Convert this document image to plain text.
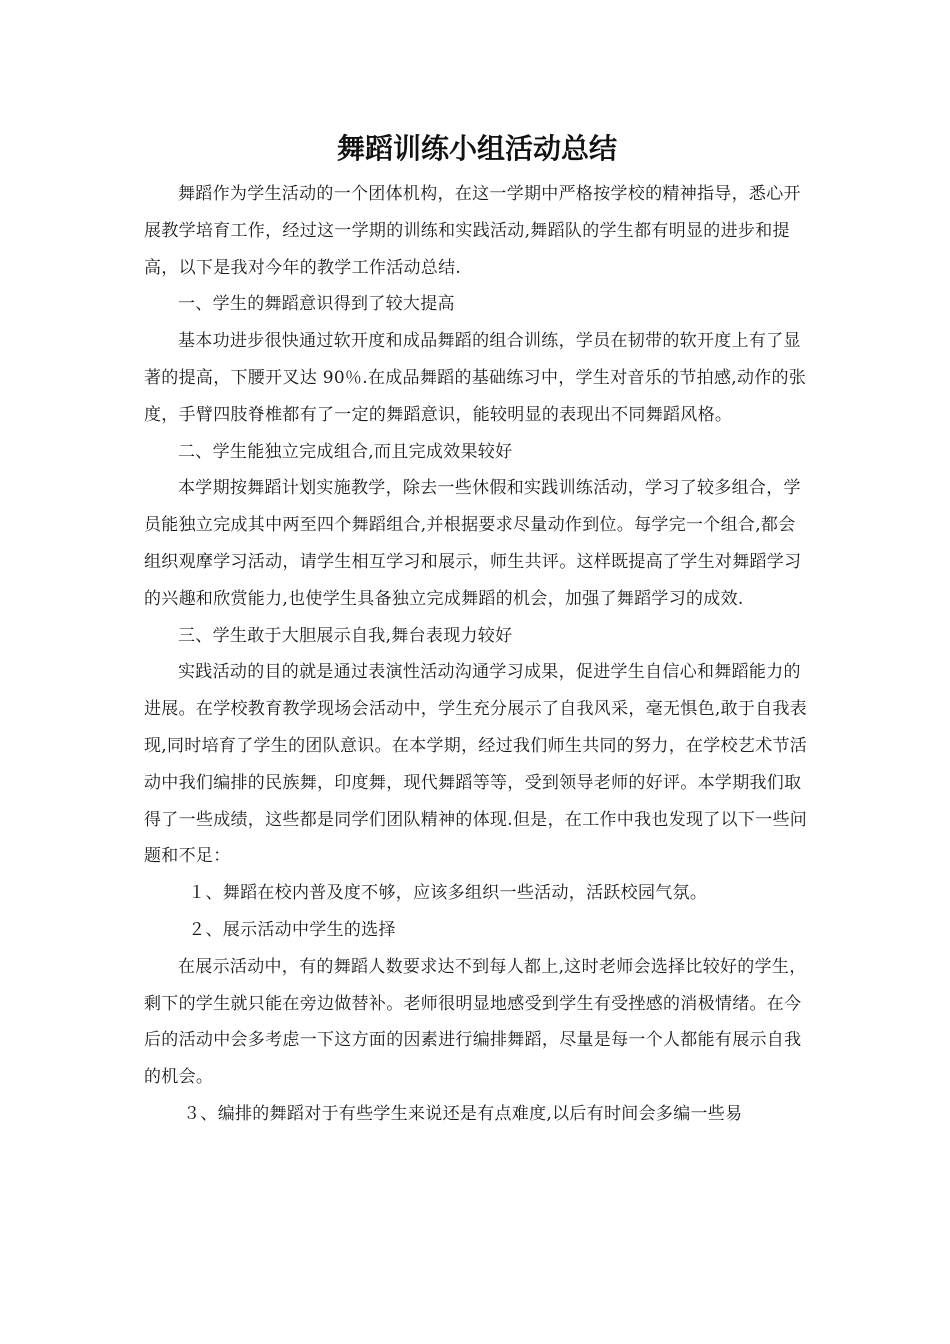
舞蹈训练小组活动总结

舞蹈作为学生活动的一个团体机构，在这一学期中严格按学校的精神指导，悉心开展教学培育工作，经过这一学期的训练和实践活动,舞蹈队的学生都有明显的进步和提高，以下是我对今年的教学工作活动总结.

一、学生的舞蹈意识得到了较大提高

基本功进步很快通过软开度和成品舞蹈的组合训练，学员在韧带的软开度上有了显著的提高，下腰开叉达 90％.在成品舞蹈的基础练习中，学生对音乐的节拍感,动作的张度，手臂四肢脊椎都有了一定的舞蹈意识，能较明显的表现出不同舞蹈风格。

二、学生能独立完成组合,而且完成效果较好

本学期按舞蹈计划实施教学，除去一些休假和实践训练活动，学习了较多组合，学员能独立完成其中两至四个舞蹈组合,并根据要求尽量动作到位。每学完一个组合,都会组织观摩学习活动，请学生相互学习和展示，师生共评。这样既提高了学生对舞蹈学习的兴趣和欣赏能力,也使学生具备独立完成舞蹈的机会，加强了舞蹈学习的成效.

三、学生敢于大胆展示自我,舞台表现力较好

实践活动的目的就是通过表演性活动沟通学习成果，促进学生自信心和舞蹈能力的进展。在学校教育教学现场会活动中，学生充分展示了自我风采，毫无惧色,敢于自我表现,同时培育了学生的团队意识。在本学期，经过我们师生共同的努力，在学校艺术节活动中我们编排的民族舞，印度舞，现代舞蹈等等，受到领导老师的好评。本学期我们取得了一些成绩，这些都是同学们团队精神的体现.但是，在工作中我也发现了以下一些问题和不足：

１、舞蹈在校内普及度不够，应该多组织一些活动，活跃校园气氛。

２、展示活动中学生的选择

在展示活动中，有的舞蹈人数要求达不到每人都上,这时老师会选择比较好的学生，剩下的学生就只能在旁边做替补。老师很明显地感受到学生有受挫感的消极情绪。在今后的活动中会多考虑一下这方面的因素进行编排舞蹈，尽量是每一个人都能有展示自我的机会。

３、编排的舞蹈对于有些学生来说还是有点难度,以后有时间会多编一些易
